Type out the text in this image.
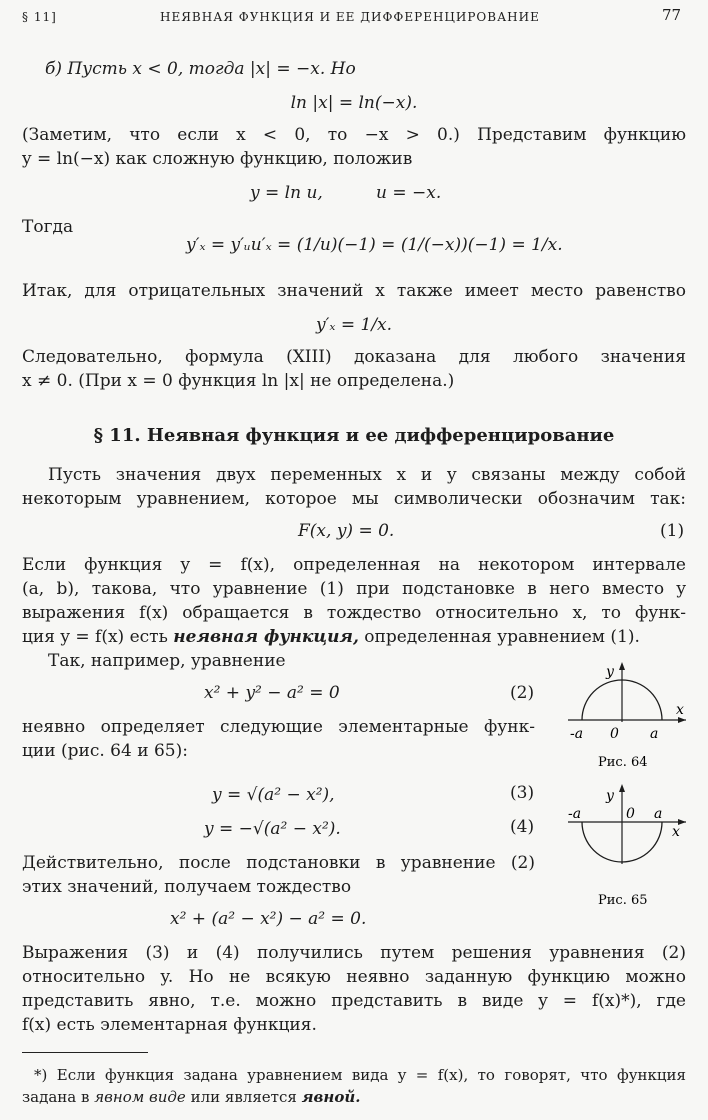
§ 11]	НЕЯВНАЯ ФУНКЦИЯ И ЕЕ ДИФФЕРЕНЦИРОВАНИЕ	77
б) Пусть x < 0, тогда |x| = −x. Но
ln |x| = ln(−x).
(Заметим, что если x < 0, то −x > 0.) Представим функцию
y = ln(−x) как сложную функцию, положив
y = ln u,	u = −x.
Тогда
y′ₓ = y′ᵤu′ₓ = (1/u)(−1) = (1/(−x))(−1) = 1/x.
Итак, для отрицательных значений x также имеет место равенство
y′ₓ = 1/x.
Следовательно, формула (XIII) доказана для любого значения
x ≠ 0. (При x = 0 функция ln |x| не определена.)
§ 11. Неявная функция и ее дифференцирование
Пусть значения двух переменных x и y связаны между собой
некоторым уравнением, которое мы символически обозначим так:
F(x, y) = 0.	(1)
Если функция y = f(x), определенная на некотором интервале
(a, b), такова, что уравнение (1) при подстановке в него вместо y
выражения f(x) обращается в тождество относительно x, то функ-
ция y = f(x) есть неявная функция, определенная уравнением (1).
Так, например, уравнение
x² + y² − a² = 0	(2)
неявно определяет следующие элементарные функ-
ции (рис. 64 и 65):
y = √(a² − x²),	(3)
y = −√(a² − x²).	(4)
Действительно, после подстановки в уравнение (2)
этих значений, получаем тождество
x² + (a² − x²) − a² = 0.
Выражения (3) и (4) получились путем решения уравнения (2)
относительно y. Но не всякую неявно заданную функцию можно
представить явно, т.е. можно представить в виде y = f(x)*), где
f(x) есть элементарная функция.
y
x
-a 0 a
Рис. 64
y
x
-a	0 a
Рис. 65
*) Если функция задана уравнением вида y = f(x), то говорят, что функция
задана в явном виде или является явной.
